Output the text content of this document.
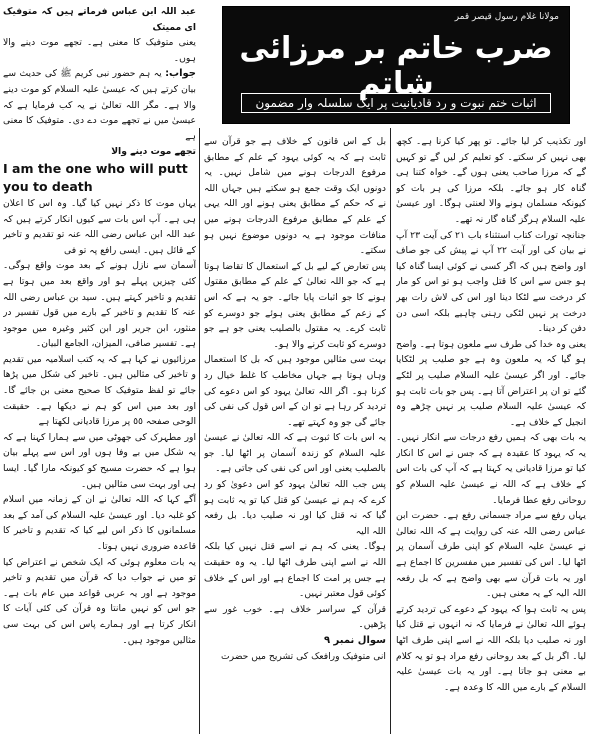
مولانا غلام رسول قیصر قمر
ضرب خاتم بر مرزائی شاتم
اثبات ختم نبوت و رد قادیانیت پر ایک سلسلہ وار مضمون

اور تکذیب کر لیا جائے۔ تو پھر کیا کرنا ہے۔ کچھ بھی نہیں کر سکتے۔ کو تعلیم کر لیں گے تو کہیں گے کہ مرزا صاحب یعنی ہوں گے۔ خواہ کتنا ہی گناہ کار ہو جائے۔ بلکہ مرزا کی ہر بات کو کیونکہ مسلمان ہونے والا لعنتی ہوگا۔ اور عیسیٰ علیہ السلام ہرگز گناہ گار نہ تھے۔

جنانچہ تورات کتاب استثناء باب ۲۱ کی آیت ۲۳ آپ نے بیان کی اور آیت ۲۲ آپ نے پیش کی جو صاف اور واضح ہیں کہ اگر کسی نے کوئی ایسا گناہ کیا ہو جس سے اس کا قتل واجب ہو تو اس کو مار کر درخت سے لٹکا دینا اور اس کی لاش رات بھر درخت پر نہیں لٹکی رہنی چاہیے بلکہ اسی دن دفن کر دینا۔

یعنی وہ خدا کی طرف سے ملعون ہوتا ہے۔ واضح ہو گیا کہ یہ ملعون وہ ہے جو صلیب پر لٹکایا جائے۔ اور اگر عیسیٰ علیہ السلام صلیب پر لٹکے گئے تو ان پر اعتراض آتا ہے۔ پس جو بات ثابت ہو کہ عیسیٰ علیہ السلام صلیب پر نہیں چڑھے وہ انجیل کے خلاف ہے۔

یہ بات بھی کہ ہمیں رفع درجات سے انکار نہیں۔ یہ کہ یہود کا عقیدہ ہے کہ جس نے اس کا انکار کیا تو مرزا قادیانی یہ کہتا ہے کہ آپ کی بات اس کے خلاف ہے کہ اللہ نے عیسیٰ علیہ السلام کو روحانی رفع عطا فرمایا۔

یہاں رفع سے مراد جسمانی رفع ہے۔ حضرت ابن عباس رضی اللہ عنہ کی روایت ہے کہ اللہ تعالیٰ نے عیسیٰ علیہ السلام کو اپنی طرف آسمان پر اٹھا لیا۔ اس کی تفسیر میں مفسرین کا اجماع ہے اور یہ بات قرآن سے بھی واضح ہے کہ بل رفعہ اللہ الیہ کے یہ معنی ہیں۔

پس یہ ثابت ہوا کہ یہود کے دعوے کی تردید کرتے ہوئے اللہ تعالیٰ نے فرمایا کہ نہ انہوں نے قتل کیا اور نہ صلیب دیا بلکہ اللہ نے اسے اپنی طرف اٹھا لیا۔ اگر بل کے بعد روحانی رفع مراد ہو تو یہ کلام بے معنی ہو جاتا ہے۔ اور یہ بات عیسیٰ علیہ السلام کے بارے میں اللہ کا وعدہ ہے۔

بل کے اس قانون کے خلاف ہے جو قرآن سے ثابت ہے کہ یہ کوئی یہود کے علم کے مطابق مرفوع الدرجات ہونے میں شامل نہیں۔ یہ دونوں ایک وقت جمع ہو سکتے ہیں جہاں اللہ نے کہ حکم کے مطابق یعنی ہونے اور اللہ یہی کے علم کے مطابق مرفوع الدرجات ہونے میں منافات موجود ہے یہ دونوں موضوع نہیں ہو سکتے۔

پس تعارض کے لیے بل کے استعمال کا تقاضا ہوتا ہے کہ جو اللہ تعالیٰ کے علم کے مطابق مقتول ہونے کا جو اثبات پایا جائے۔ جو یہ ہے کہ اس کے زعم کے مطابق یعنی ہوئے جو دوسرے کو ثابت کرے۔ یہ مقتول بالصلیب یعنی جو ہے جو دوسرے کو ثابت کرنے والا ہو۔

بہت سی مثالیں موجود ہیں کہ بل کا استعمال وہاں ہوتا ہے جہاں مخاطب کا غلط خیال رد کرنا ہو۔ اگر اللہ تعالیٰ یہود کو اس دعوے کی تردید کر رہا ہے تو ان کے اس قول کی نفی کی جائے گی جو وہ کہتے تھے۔

یہ اس بات کا ثبوت ہے کہ اللہ تعالیٰ نے عیسیٰ علیہ السلام کو زندہ آسمان پر اٹھا لیا۔ جو بالصلیب یعنی اور اس کی نفی کی جاتی ہے۔

پس جب اللہ تعالیٰ یہود کو اس دعویٰ کو رد کرے کہ ہم نے عیسیٰ کو قتل کیا تو یہ ثابت ہو گیا کہ نہ قتل کیا اور نہ صلیب دیا۔ بل رفعہ اللہ الیہ

ہوگا۔ یعنی کہ ہم نے اسے قتل نہیں کیا بلکہ اللہ نے اسے اپنی طرف اٹھا لیا۔ یہ وہ حقیقت ہے جس پر امت کا اجماع ہے اور اس کے خلاف کوئی قول معتبر نہیں۔

قرآن کے سراسر خلاف ہے۔ خوب غور سے پڑھیں۔

سوال نمبر ۹

انی متوفیک ورافعک کی تشریح میں حضرت

عبد اللہ ابن عباس فرماتے ہیں کہ متوفیک ای ممیتک

یعنی متوفیک کا معنی ہے۔ تجھے موت دینے والا ہوں۔

جواب: یہ ہم حضور نبی کریم ﷺ کی حدیث سے بیان کرتے ہیں کہ عیسیٰ علیہ السلام کو موت دینے والا ہے۔ مگر اللہ تعالیٰ نے یہ کب فرمایا ہے کہ عیسیٰ میں نے تجھے موت دے دی۔ متوفیک کا معنی ہے

تجھے موت دینے والا

I am the one who will putt you to death

یہاں موت کا ذکر نہیں کیا گیا۔ وہ اس کا اعلان ہی ہے۔ آپ اس بات سے کیوں انکار کرتے ہیں کہ عبد اللہ ابن عباس رضی اللہ عنہ تو تقدیم و تاخیر کے قائل ہیں۔ ایسی رافع پہ تو فی

آسمان سے نازل ہونے کے بعد موت واقع ہوگی۔ کئی چیزیں پہلے ہو اور واقع بعد میں ہوتا ہے تقدیم و تاخیر کہتے ہیں۔ سید بن عباس رضی اللہ عنہ کا تقدیم و تاخیر کے بارے میں قول تفسیر در منثور، ابن جریر اور ابن کثیر وغیرہ میں موجود ہے۔ تفسیر صافی، المیزان، الجامع البیان۔

مرزائیوں نے کہا ہے کہ یہ کتب اسلامیہ میں تقدیم و تاخیر کی مثالیں ہیں۔ تاخیر کی شکل میں پڑھا جائے تو لفظ متوفیک کا صحیح معنی بن جائے گا۔ اور بعد میں اس کو ہم نے دیکھا ہے۔ حقیقت الوحی صفحہ ٥٥ پر مرزا قادیانی لکھتا ہے

اور مطہرک کی جھوٹی میں سے ہمارا کہنا ہے کہ یہ شکل میں بے وفا ہوں اور اس سے پہلے بیان ہوا ہے کہ حضرت مسیح کو کیونکہ مارا گیا۔ ایسا ہی اور بہت سی مثالیں ہیں۔

آگے کہا کہ اللہ تعالیٰ نے ان کے زمانہ میں اسلام کو غلبہ دیا۔ اور عیسیٰ علیہ السلام کی آمد کے بعد مسلمانوں کا ذکر اس لیے کیا کہ تقدیم و تاخیر کا قاعدہ ضروری نہیں ہوتا۔

یہ بات معلوم ہوئی کہ ایک شخص نے اعتراض کیا تو میں نے جواب دیا کہ قرآن میں تقدیم و تاخیر موجود ہے اور یہ عربی قواعد میں عام بات ہے۔ جو اس کو نہیں مانتا وہ قرآن کی کئی آیات کا انکار کرتا ہے اور ہمارے پاس اس کی بہت سی مثالیں موجود ہیں۔
